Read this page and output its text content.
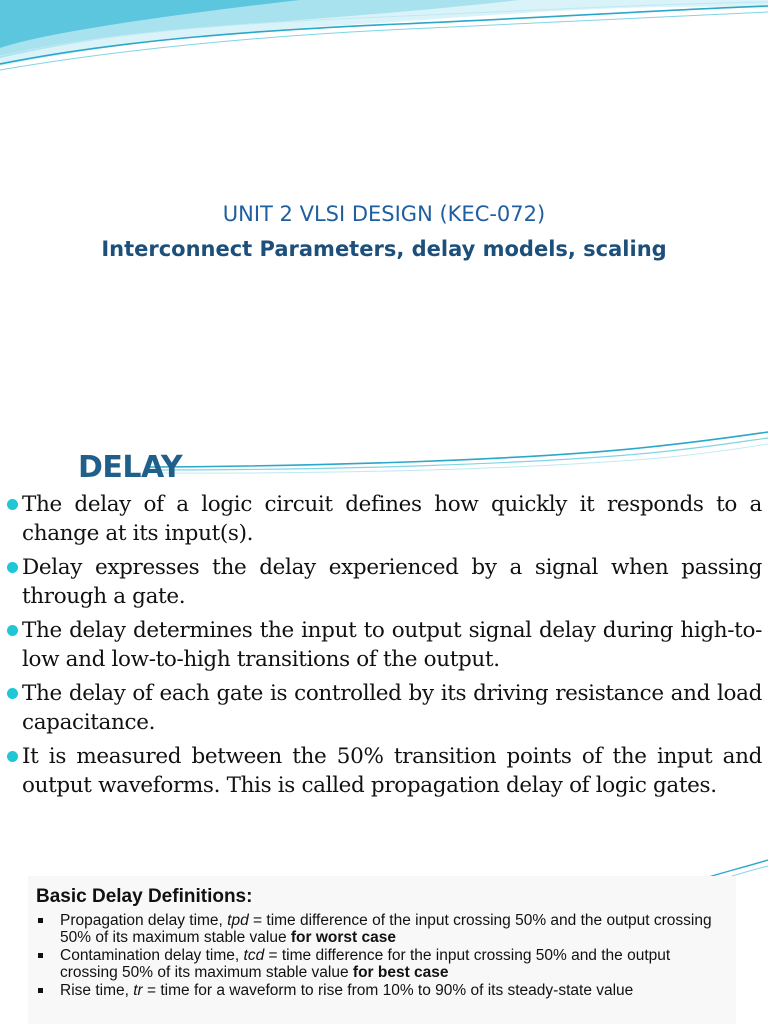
UNIT 2 VLSI DESIGN (KEC-072)
Interconnect Parameters, delay models, scaling
DELAY
The delay of a logic circuit defines how quickly it responds to a change at its input(s).
Delay expresses the delay experienced by a signal when passing through a gate.
The delay determines the input to output signal delay during high-to-low and low-to-high transitions of the output.
The delay of each gate is controlled by its driving resistance and load capacitance.
It is measured between the 50% transition points of the input and output waveforms. This is called propagation delay of logic gates.
Basic Delay Definitions:
Propagation delay time, tpd = time difference of the input crossing 50% and the output crossing 50% of its maximum stable value for worst case
Contamination delay time, tcd = time difference for the input crossing 50% and the output crossing 50% of its maximum stable value for best case
Rise time, tr = time for a waveform to rise from 10% to 90% of its steady-state value
